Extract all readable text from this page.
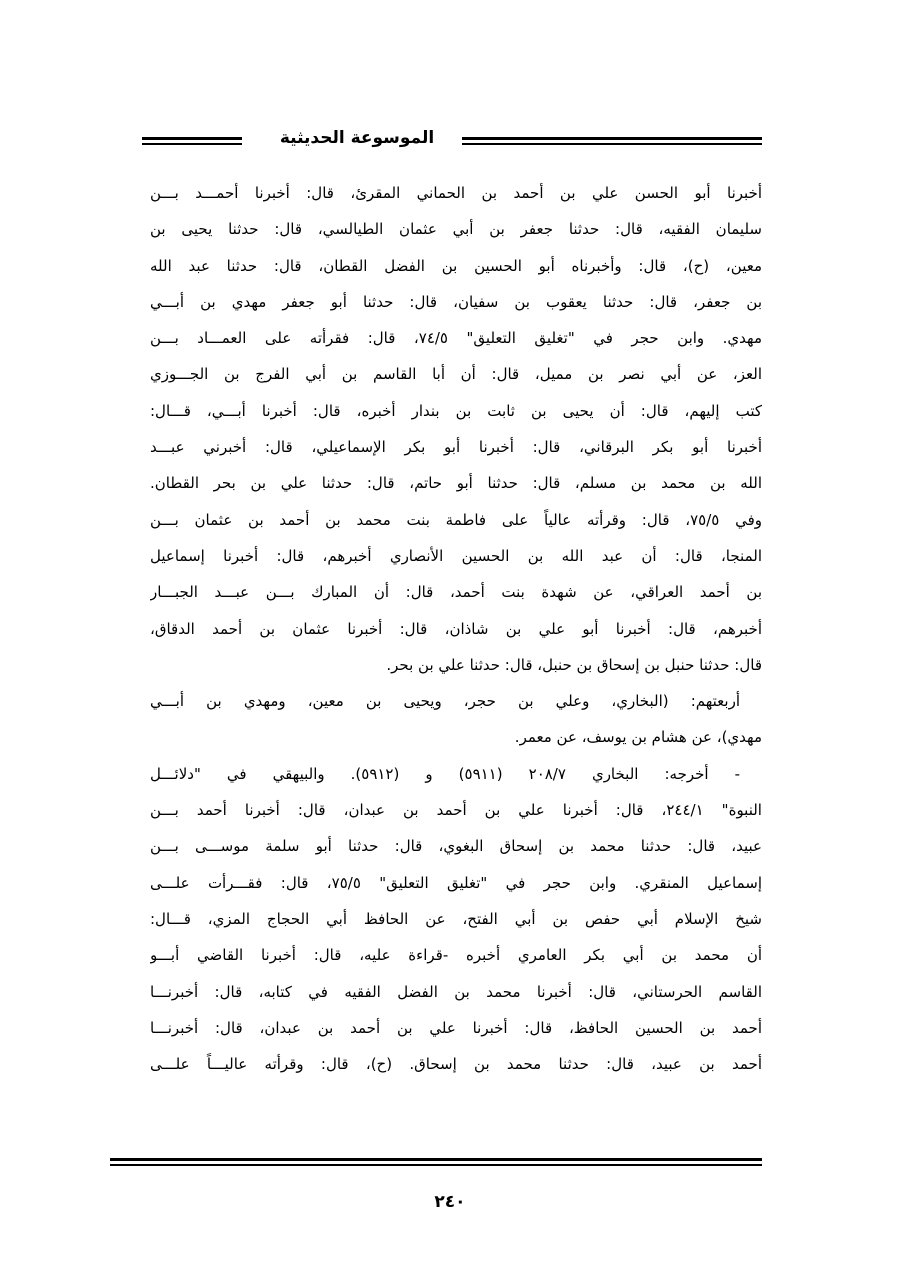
الموسوعة الحديثية
أخبرنا أبو الحسن علي بن أحمد بن الحماني المقرئ، قال: أخبرنا أحمـــد بـــن
سليمان الفقيه، قال: حدثنا جعفر بن أبي عثمان الطيالسي، قال: حدثنا يحيى بن
معين، (ح)، قال: وأخبرناه أبو الحسين بن الفضل القطان، قال: حدثنا عبد الله
بن جعفر، قال: حدثنا يعقوب بن سفيان، قال: حدثنا أبو جعفر مهدي بن أبـــي
مهدي. وابن حجر في "تغليق التعليق" ٧٤/٥، قال: فقرأته على العمـــاد بـــن
العز، عن أبي نصر بن مميل، قال: أن أبا القاسم بن أبي الفرج بن الجـــوزي
كتب إليهم، قال: أن يحيى بن ثابت بن بندار أخبره، قال: أخبرنا أبـــي، قـــال:
أخبرنا أبو بكر البرقاني، قال: أخبرنا أبو بكر الإسماعيلي، قال: أخبرني عبـــد
الله بن محمد بن مسلم، قال: حدثنا أبو حاتم، قال: حدثنا علي بن بحر القطان.
وفي ٧٥/٥، قال: وقرأته عالياً على فاطمة بنت محمد بن أحمد بن عثمان بـــن
المنجا، قال: أن عبد الله بن الحسين الأنصاري أخبرهم، قال: أخبرنا إسماعيل
بن أحمد العراقي، عن شهدة بنت أحمد، قال: أن المبارك بـــن عبـــد الجبـــار
أخبرهم، قال: أخبرنا أبو علي بن شاذان، قال: أخبرنا عثمان بن أحمد الدقاق،
قال: حدثنا حنبل بن إسحاق بن حنبل، قال: حدثنا علي بن بحر.
أربعتهم: (البخاري، وعلي بن حجر، ويحيى بن معين، ومهدي بن أبـــي
مهدي)، عن هشام بن يوسف، عن معمر.
- أخرجه: البخاري ٢٠٨/٧ (٥٩١١) و (٥٩١٢). والبيهقي في "دلائـــل
النبوة" ٢٤٤/١، قال: أخبرنا علي بن أحمد بن عبدان، قال: أخبرنا أحمد بـــن
عبيد، قال: حدثنا محمد بن إسحاق البغوي، قال: حدثنا أبو سلمة موســـى بـــن
إسماعيل المنقري. وابن حجر في "تغليق التعليق" ٧٥/٥، قال: فقـــرأت علـــى
شيخ الإسلام أبي حفص بن أبي الفتح، عن الحافظ أبي الحجاج المزي، قـــال:
أن محمد بن أبي بكر العامري أخبره -قراءة عليه، قال: أخبرنا القاضي أبـــو
القاسم الحرستاني، قال: أخبرنا محمد بن الفضل الفقيه في كتابه، قال: أخبرنـــا
أحمد بن الحسين الحافظ، قال: أخبرنا علي بن أحمد بن عبدان، قال: أخبرنـــا
أحمد بن عبيد، قال: حدثنا محمد بن إسحاق. (ح)، قال: وقرأته عاليـــاً علـــى
٢٤٠
